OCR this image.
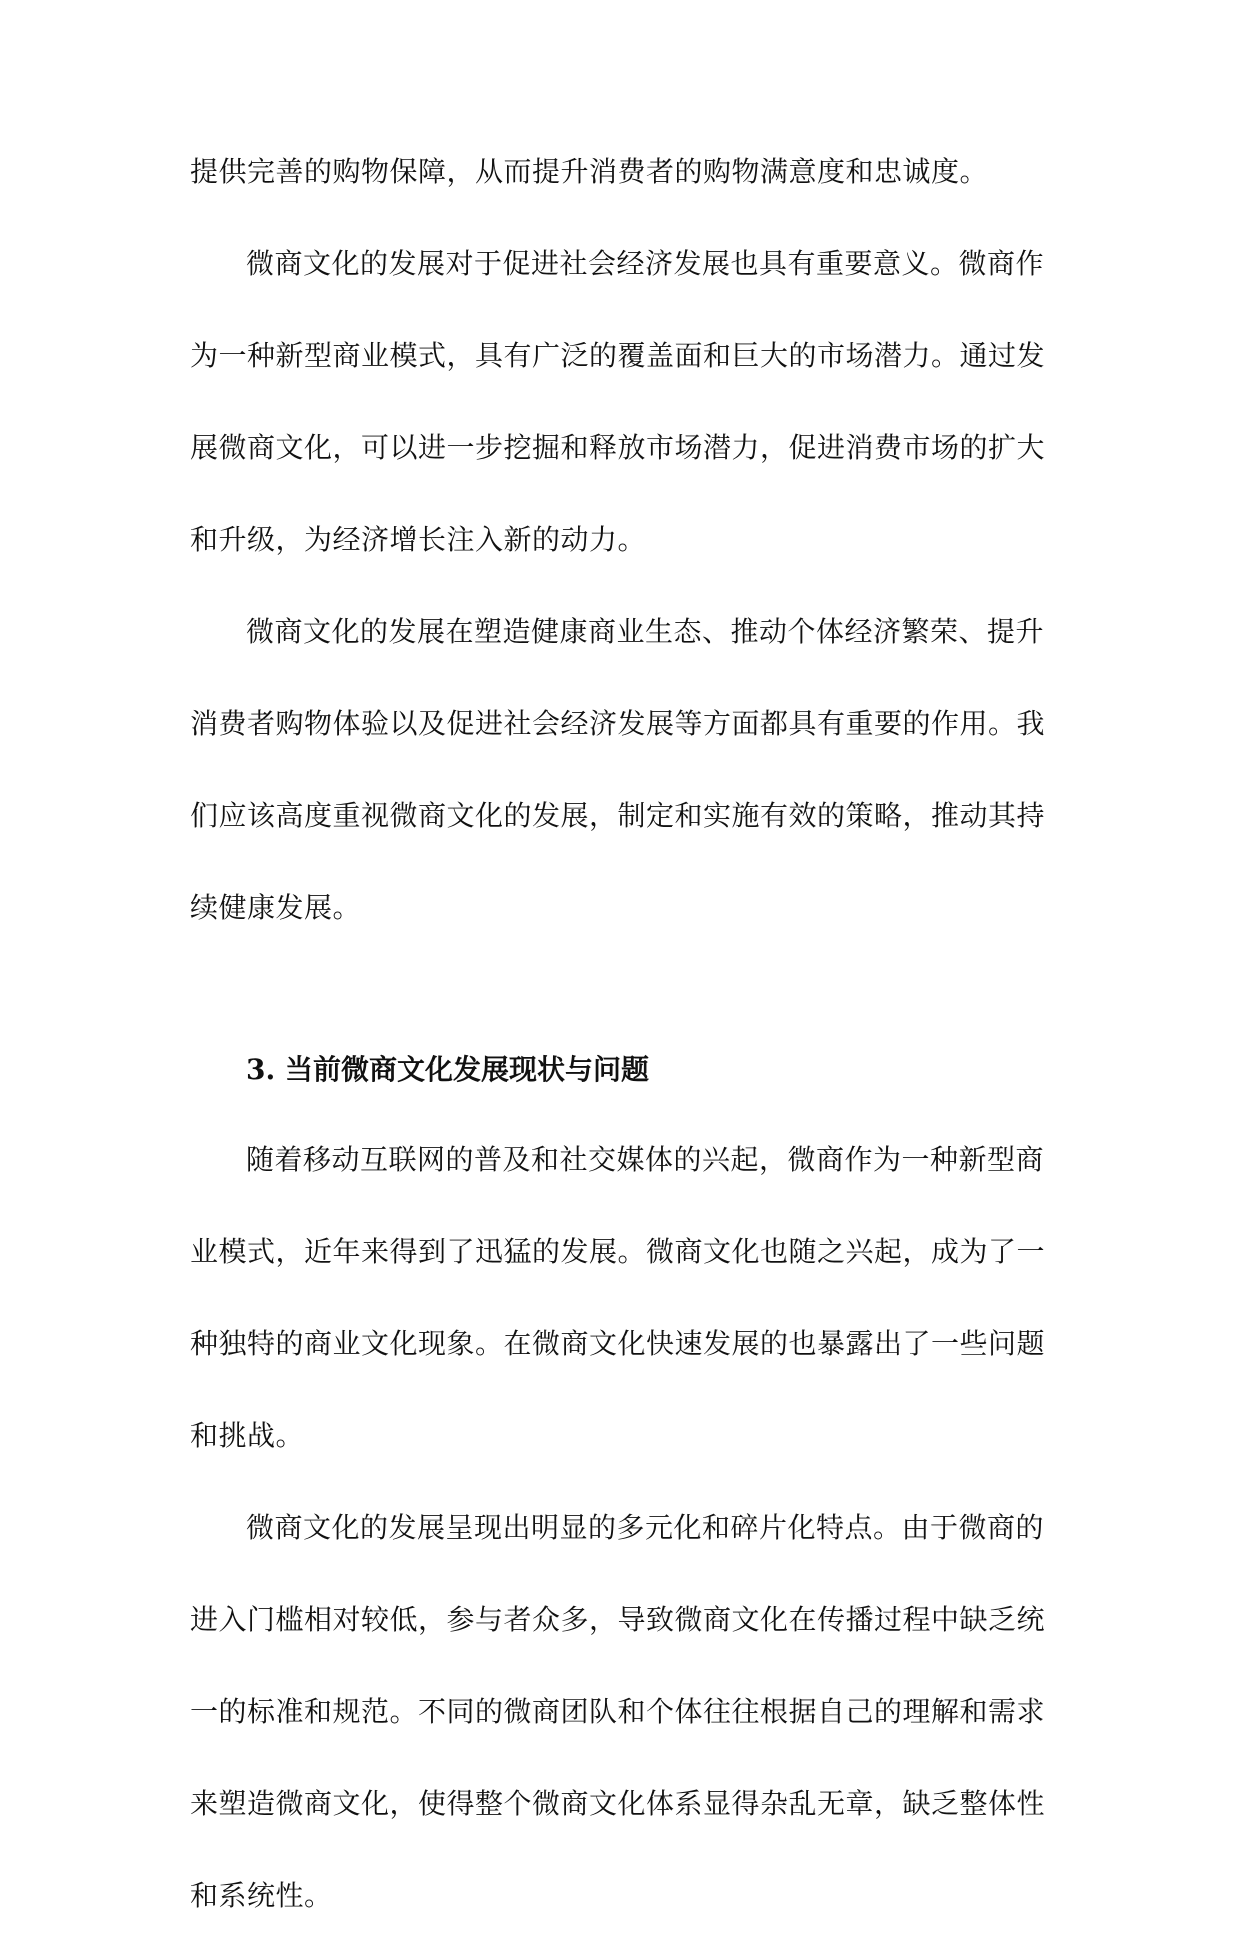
提供完善的购物保障，从而提升消费者的购物满意度和忠诚度。
微商文化的发展对于促进社会经济发展也具有重要意义。微商作
为一种新型商业模式，具有广泛的覆盖面和巨大的市场潜力。通过发
展微商文化，可以进一步挖掘和释放市场潜力，促进消费市场的扩大
和升级，为经济增长注入新的动力。
微商文化的发展在塑造健康商业生态、推动个体经济繁荣、提升
消费者购物体验以及促进社会经济发展等方面都具有重要的作用。我
们应该高度重视微商文化的发展，制定和实施有效的策略，推动其持
续健康发展。
3. 当前微商文化发展现状与问题
随着移动互联网的普及和社交媒体的兴起，微商作为一种新型商
业模式，近年来得到了迅猛的发展。微商文化也随之兴起，成为了一
种独特的商业文化现象。在微商文化快速发展的也暴露出了一些问题
和挑战。
微商文化的发展呈现出明显的多元化和碎片化特点。由于微商的
进入门槛相对较低，参与者众多，导致微商文化在传播过程中缺乏统
一的标准和规范。不同的微商团队和个体往往根据自己的理解和需求
来塑造微商文化，使得整个微商文化体系显得杂乱无章，缺乏整体性
和系统性。
